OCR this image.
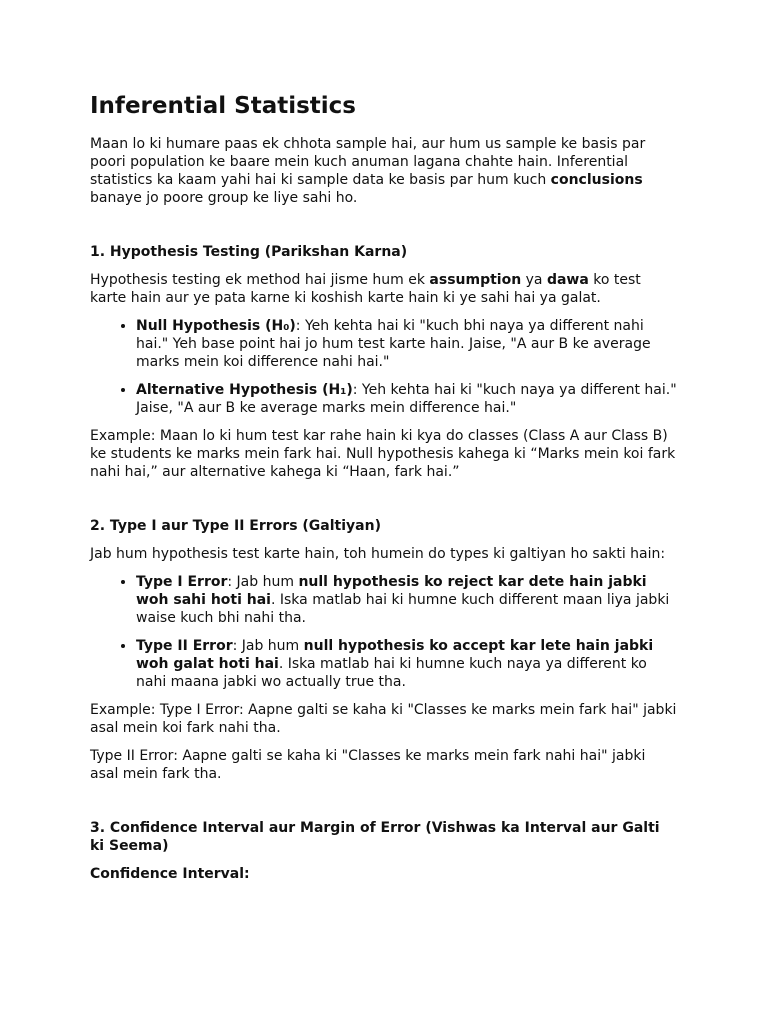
Inferential Statistics

Maan lo ki humare paas ek chhota sample hai, aur hum us sample ke basis par poori population ke baare mein kuch anuman lagana chahte hain. Inferential statistics ka kaam yahi hai ki sample data ke basis par hum kuch conclusions banaye jo poore group ke liye sahi ho.

1. Hypothesis Testing (Parikshan Karna)

Hypothesis testing ek method hai jisme hum ek assumption ya dawa ko test karte hain aur ye pata karne ki koshish karte hain ki ye sahi hai ya galat.

• Null Hypothesis (H₀): Yeh kehta hai ki "kuch bhi naya ya different nahi hai." Yeh base point hai jo hum test karte hain. Jaise, "A aur B ke average marks mein koi difference nahi hai."
• Alternative Hypothesis (H₁): Yeh kehta hai ki "kuch naya ya different hai." Jaise, "A aur B ke average marks mein difference hai."

Example: Maan lo ki hum test kar rahe hain ki kya do classes (Class A aur Class B) ke students ke marks mein fark hai. Null hypothesis kahega ki “Marks mein koi fark nahi hai,” aur alternative kahega ki “Haan, fark hai.”

2. Type I aur Type II Errors (Galtiyan)

Jab hum hypothesis test karte hain, toh humein do types ki galtiyan ho sakti hain:

• Type I Error: Jab hum null hypothesis ko reject kar dete hain jabki woh sahi hoti hai. Iska matlab hai ki humne kuch different maan liya jabki waise kuch bhi nahi tha.
• Type II Error: Jab hum null hypothesis ko accept kar lete hain jabki woh galat hoti hai. Iska matlab hai ki humne kuch naya ya different ko nahi maana jabki wo actually true tha.

Example: Type I Error: Aapne galti se kaha ki "Classes ke marks mein fark hai" jabki asal mein koi fark nahi tha.

Type II Error: Aapne galti se kaha ki "Classes ke marks mein fark nahi hai" jabki asal mein fark tha.

3. Confidence Interval aur Margin of Error (Vishwas ka Interval aur Galti ki Seema)
Confidence Interval:
